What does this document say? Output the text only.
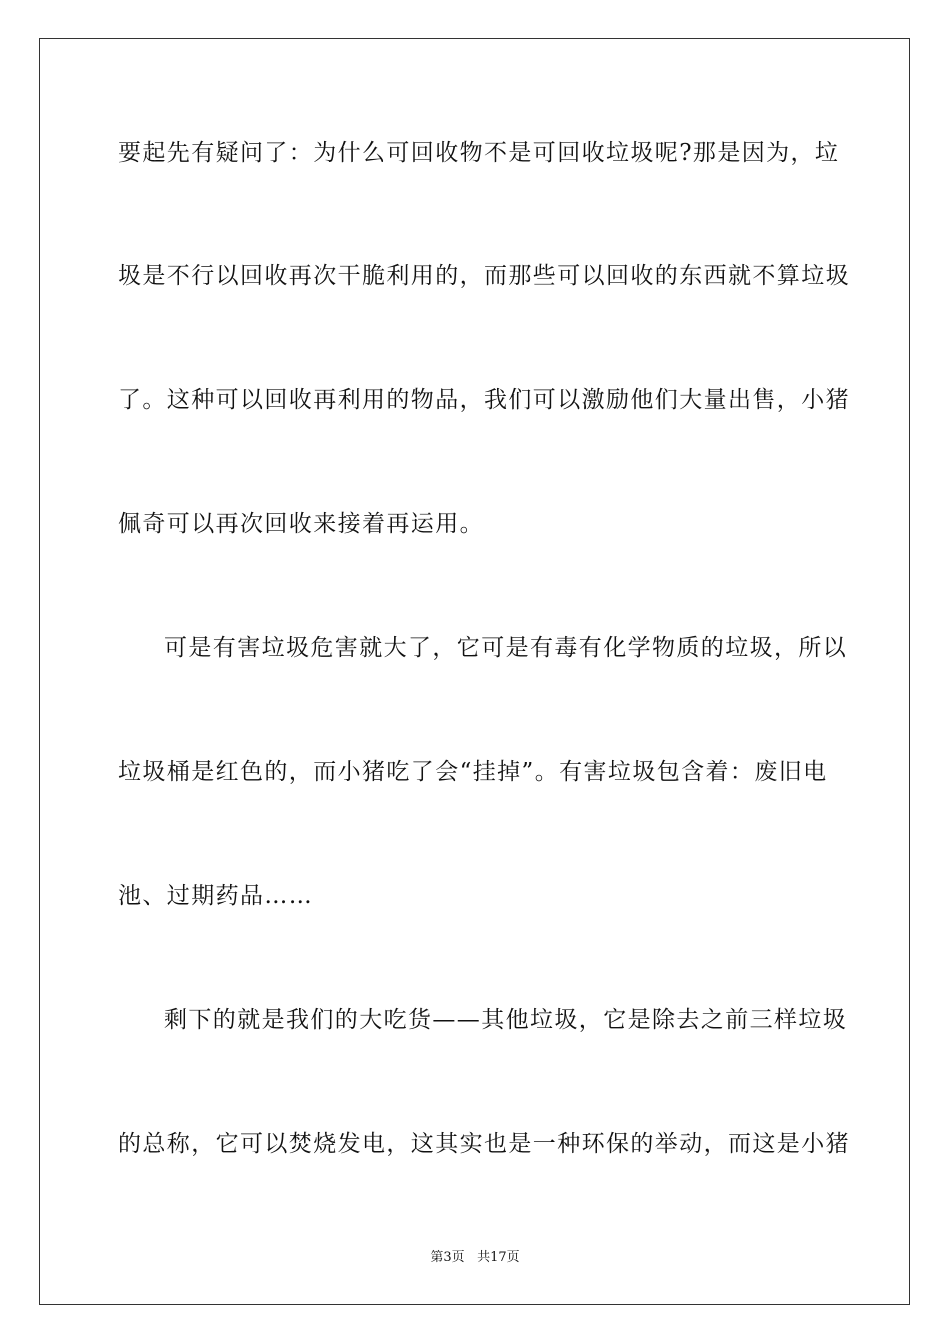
要起先有疑问了：为什么可回收物不是可回收垃圾呢?那是因为，垃
圾是不行以回收再次干脆利用的，而那些可以回收的东西就不算垃圾
了。这种可以回收再利用的物品，我们可以激励他们大量出售，小猪
佩奇可以再次回收来接着再运用。
可是有害垃圾危害就大了，它可是有毒有化学物质的垃圾，所以
垃圾桶是红色的，而小猪吃了会“挂掉”。有害垃圾包含着：废旧电
池、过期药品……
剩下的就是我们的大吃货——其他垃圾，它是除去之前三样垃圾
的总称，它可以焚烧发电，这其实也是一种环保的举动，而这是小猪
第3页 共17页
